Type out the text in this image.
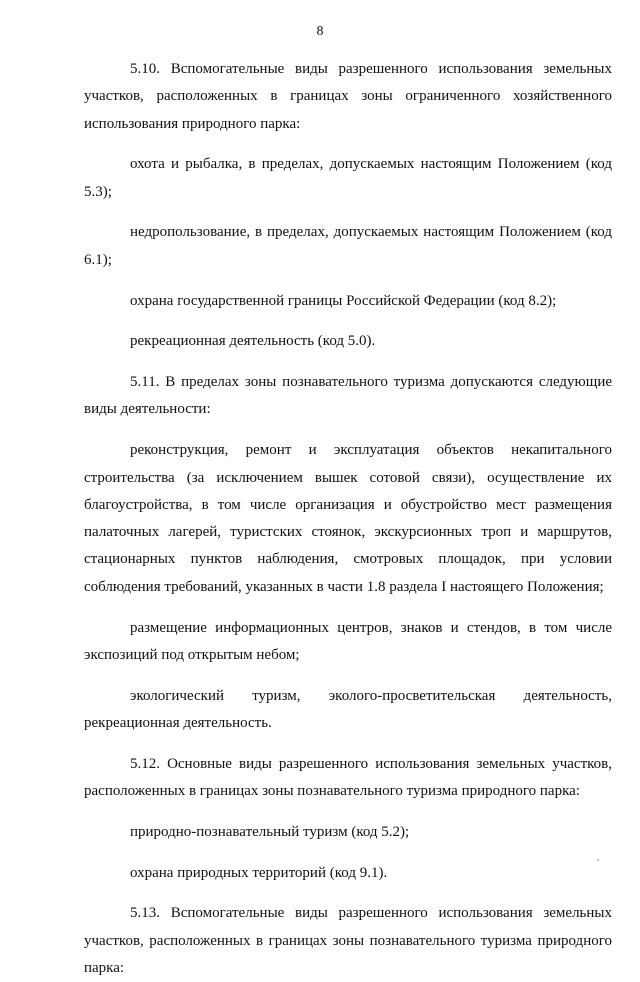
8

5.10. Вспомогательные виды разрешенного использования земельных участков, расположенных в границах зоны ограниченного хозяйственного использования природного парка:

охота и рыбалка, в пределах, допускаемых настоящим Положением (код 5.3);

недропользование, в пределах, допускаемых настоящим Положением (код 6.1);

охрана государственной границы Российской Федерации (код 8.2);

рекреационная деятельность (код 5.0).

5.11. В пределах зоны познавательного туризма допускаются следующие виды деятельности:

реконструкция, ремонт и эксплуатация объектов некапитального строительства (за исключением вышек сотовой связи), осуществление их благоустройства, в том числе организация и обустройство мест размещения палаточных лагерей, туристских стоянок, экскурсионных троп и маршрутов, стационарных пунктов наблюдения, смотровых площадок, при условии соблюдения требований, указанных в части 1.8 раздела I настоящего Положения;

размещение информационных центров, знаков и стендов, в том числе экспозиций под открытым небом;

экологический туризм, эколого-просветительская деятельность, рекреационная деятельность.

5.12. Основные виды разрешенного использования земельных участков, расположенных в границах зоны познавательного туризма природного парка:

природно-познавательный туризм (код 5.2);

охрана природных территорий (код 9.1).

5.13. Вспомогательные виды разрешенного использования земельных участков, расположенных в границах зоны познавательного туризма природного парка:
